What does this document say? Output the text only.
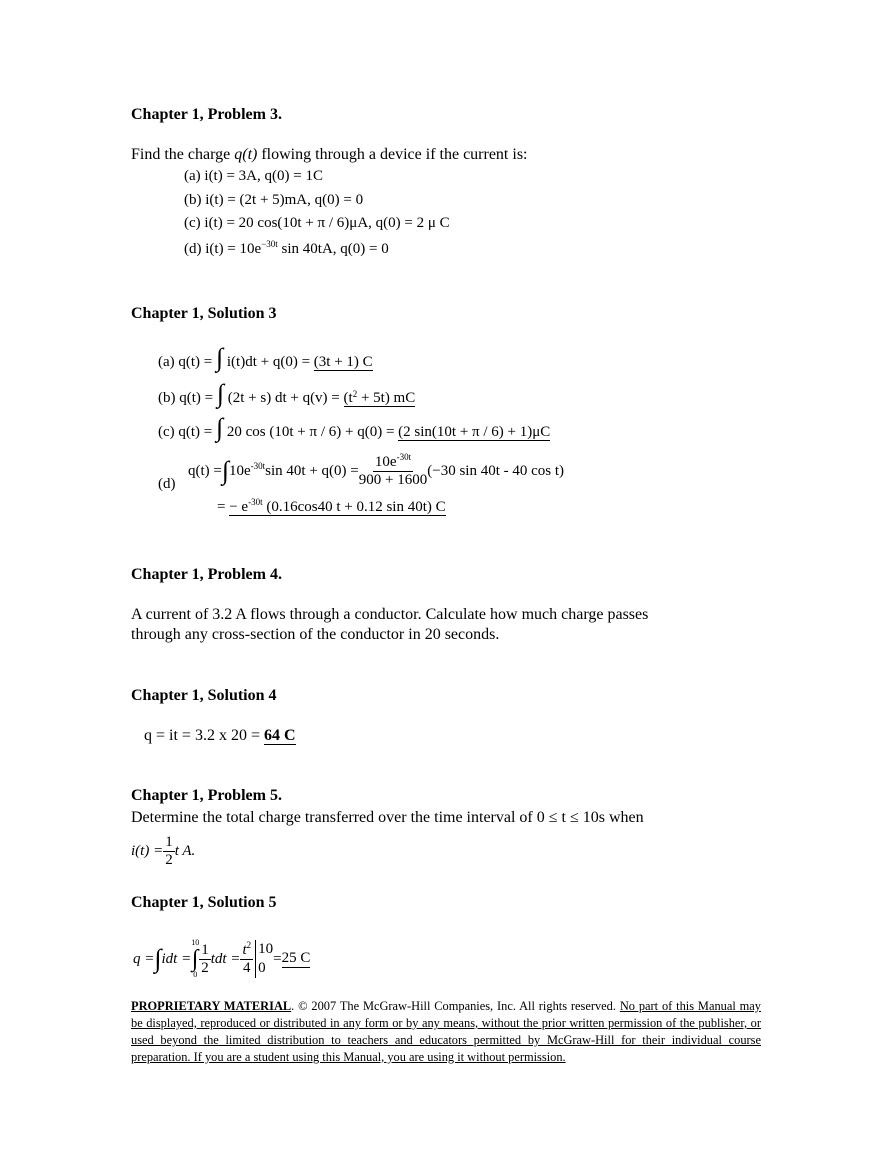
Chapter 1, Problem 3.
Find the charge q(t) flowing through a device if the current is:
(a) i(t) = 3A, q(0) = 1C
(b) i(t) = (2t + 5)mA, q(0) = 0
(c) i(t) = 20 cos(10t + π / 6)μA, q(0) = 2 μ C
(d) $i(t) = 10e^{-30t}$ sin 40tA, q(0) = 0
Chapter 1, Solution 3
(a) q(t) = ∫ i(t)dt + q(0) = (3t + 1) C
(b) q(t) = ∫ (2t + s) dt + $q(v) = (t^2 + 5t)$ mC
(c) q(t) = ∫ 20 cos (10t + π / 6) + q(0) = (2 sin(10t + π / 6) + 1)μC
(d)
q(t) = ∫ $10e^{-30t}$ $\sin 40t + q(0) = \frac{10e^{-30t}}{900 + 1600} (-30$ sin 40t - 40 cos t)
= − $e^{-30t}$ (0.16cos40 t + 0.12 sin 40t) C
Chapter 1, Problem 4.
A current of 3.2 A flows through a conductor. Calculate how much charge passes
through any cross-section of the conductor in 20 seconds.
Chapter 1, Solution 4
q = it = 3.2 x 20 = 64 C
Chapter 1, Problem 5.
Determine the total charge transferred over the time interval of 0 ≤ t ≤ 10s when
$i(t) = \frac{1}{2}$ t A.
Chapter 1, Solution 5
q = ∫ idt =
10
∫
$0 \frac{1}{2}$ tdt = $\frac{t^2}{4} 10$
0
= 25 C
PROPRIETARY MATERIAL. © 2007 The McGraw-Hill Companies, Inc. All rights reserved. No part of this Manual may be displayed, reproduced or distributed in any form or by any means, without the prior written permission of the publisher, or used beyond the limited distribution to teachers and educators permitted by McGraw-Hill for their individual course preparation. If you are a student using this Manual, you are using it without permission.
